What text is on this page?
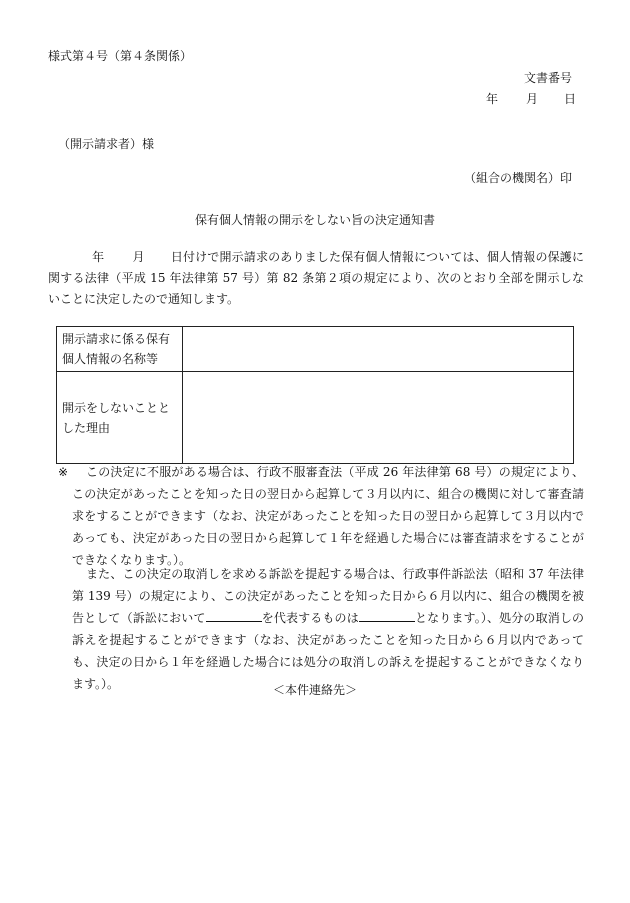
様式第４号（第４条関係）
文書番号
年 月 日
（開示請求者）様
（組合の機関名）印
保有個人情報の開示をしない旨の決定通知書
年 月 日付けで開示請求のありました保有個人情報については、個人情報の保護に関する法律（平成 15 年法律第 57 号）第 82 条第２項の規定により、次のとおり全部を開示しないことに決定したので通知します。
開示請求に係る保有個人情報の名称等	
開示をしないこととした理由	
※	この決定に不服がある場合は、行政不服審査法（平成 26 年法律第 68 号）の規定により、この決定があったことを知った日の翌日から起算して３月以内に、組合の機関に対して審査請求をすることができます（なお、決定があったことを知った日の翌日から起算して３月以内であっても、決定があった日の翌日から起算して１年を経過した場合には審査請求をすることができなくなります。）。
また、この決定の取消しを求める訴訟を提起する場合は、行政事件訴訟法（昭和 37 年法律第 139 号）の規定により、この決定があったことを知った日から６月以内に、組合の機関を被告として（訴訟において	を代表するものは	となります。）、処分の取消しの訴えを提起することができます（なお、決定があったことを知った日から６月以内であっても、決定の日から１年を経過した場合には処分の取消しの訴えを提起することができなくなります。）。	＜本件連絡先＞
